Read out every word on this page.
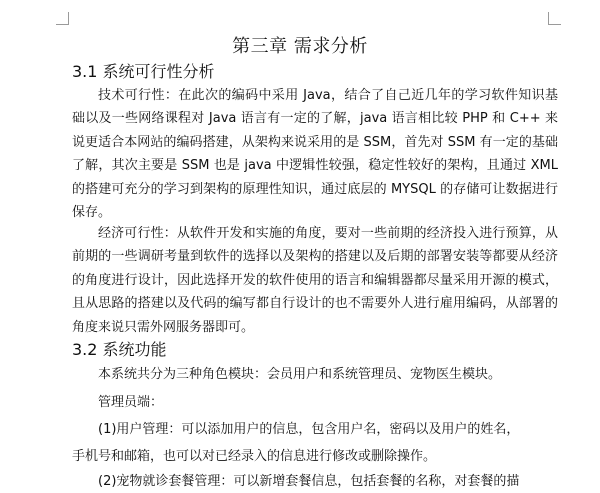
第三章 需求分析
3.1 系统可行性分析

技术可行性：在此次的编码中采用 Java，结合了自己近几年的学习软件知识基础以及一些网络课程对 Java 语言有一定的了解，java 语言相比较 PHP 和 C++ 来说更适合本网站的编码搭建，从架构来说采用的是 SSM，首先对 SSM 有一定的基础了解，其次主要是 SSM 也是 java 中逻辑性较强，稳定性较好的架构，且通过 XML 的搭建可充分的学习到架构的原理性知识，通过底层的 MYSQL 的存储可让数据进行保存。

经济可行性：从软件开发和实施的角度，要对一些前期的经济投入进行预算，从前期的一些调研考量到软件的选择以及架构的搭建以及后期的部署安装等都要从经济的角度进行设计，因此选择开发的软件使用的语言和编辑器都尽量采用开源的模式，且从思路的搭建以及代码的编写都自行设计的也不需要外人进行雇用编码，从部署的角度来说只需外网服务器即可。

3.2 系统功能

本系统共分为三种角色模块：会员用户和系统管理员、宠物医生模块。

管理员端：

(1)用户管理：可以添加用户的信息，包含用户名，密码以及用户的姓名，

手机号和邮箱，也可以对已经录入的信息进行修改或删除操作。

(2)宠物就诊套餐管理：可以新增套餐信息，包括套餐的名称，对套餐的描
